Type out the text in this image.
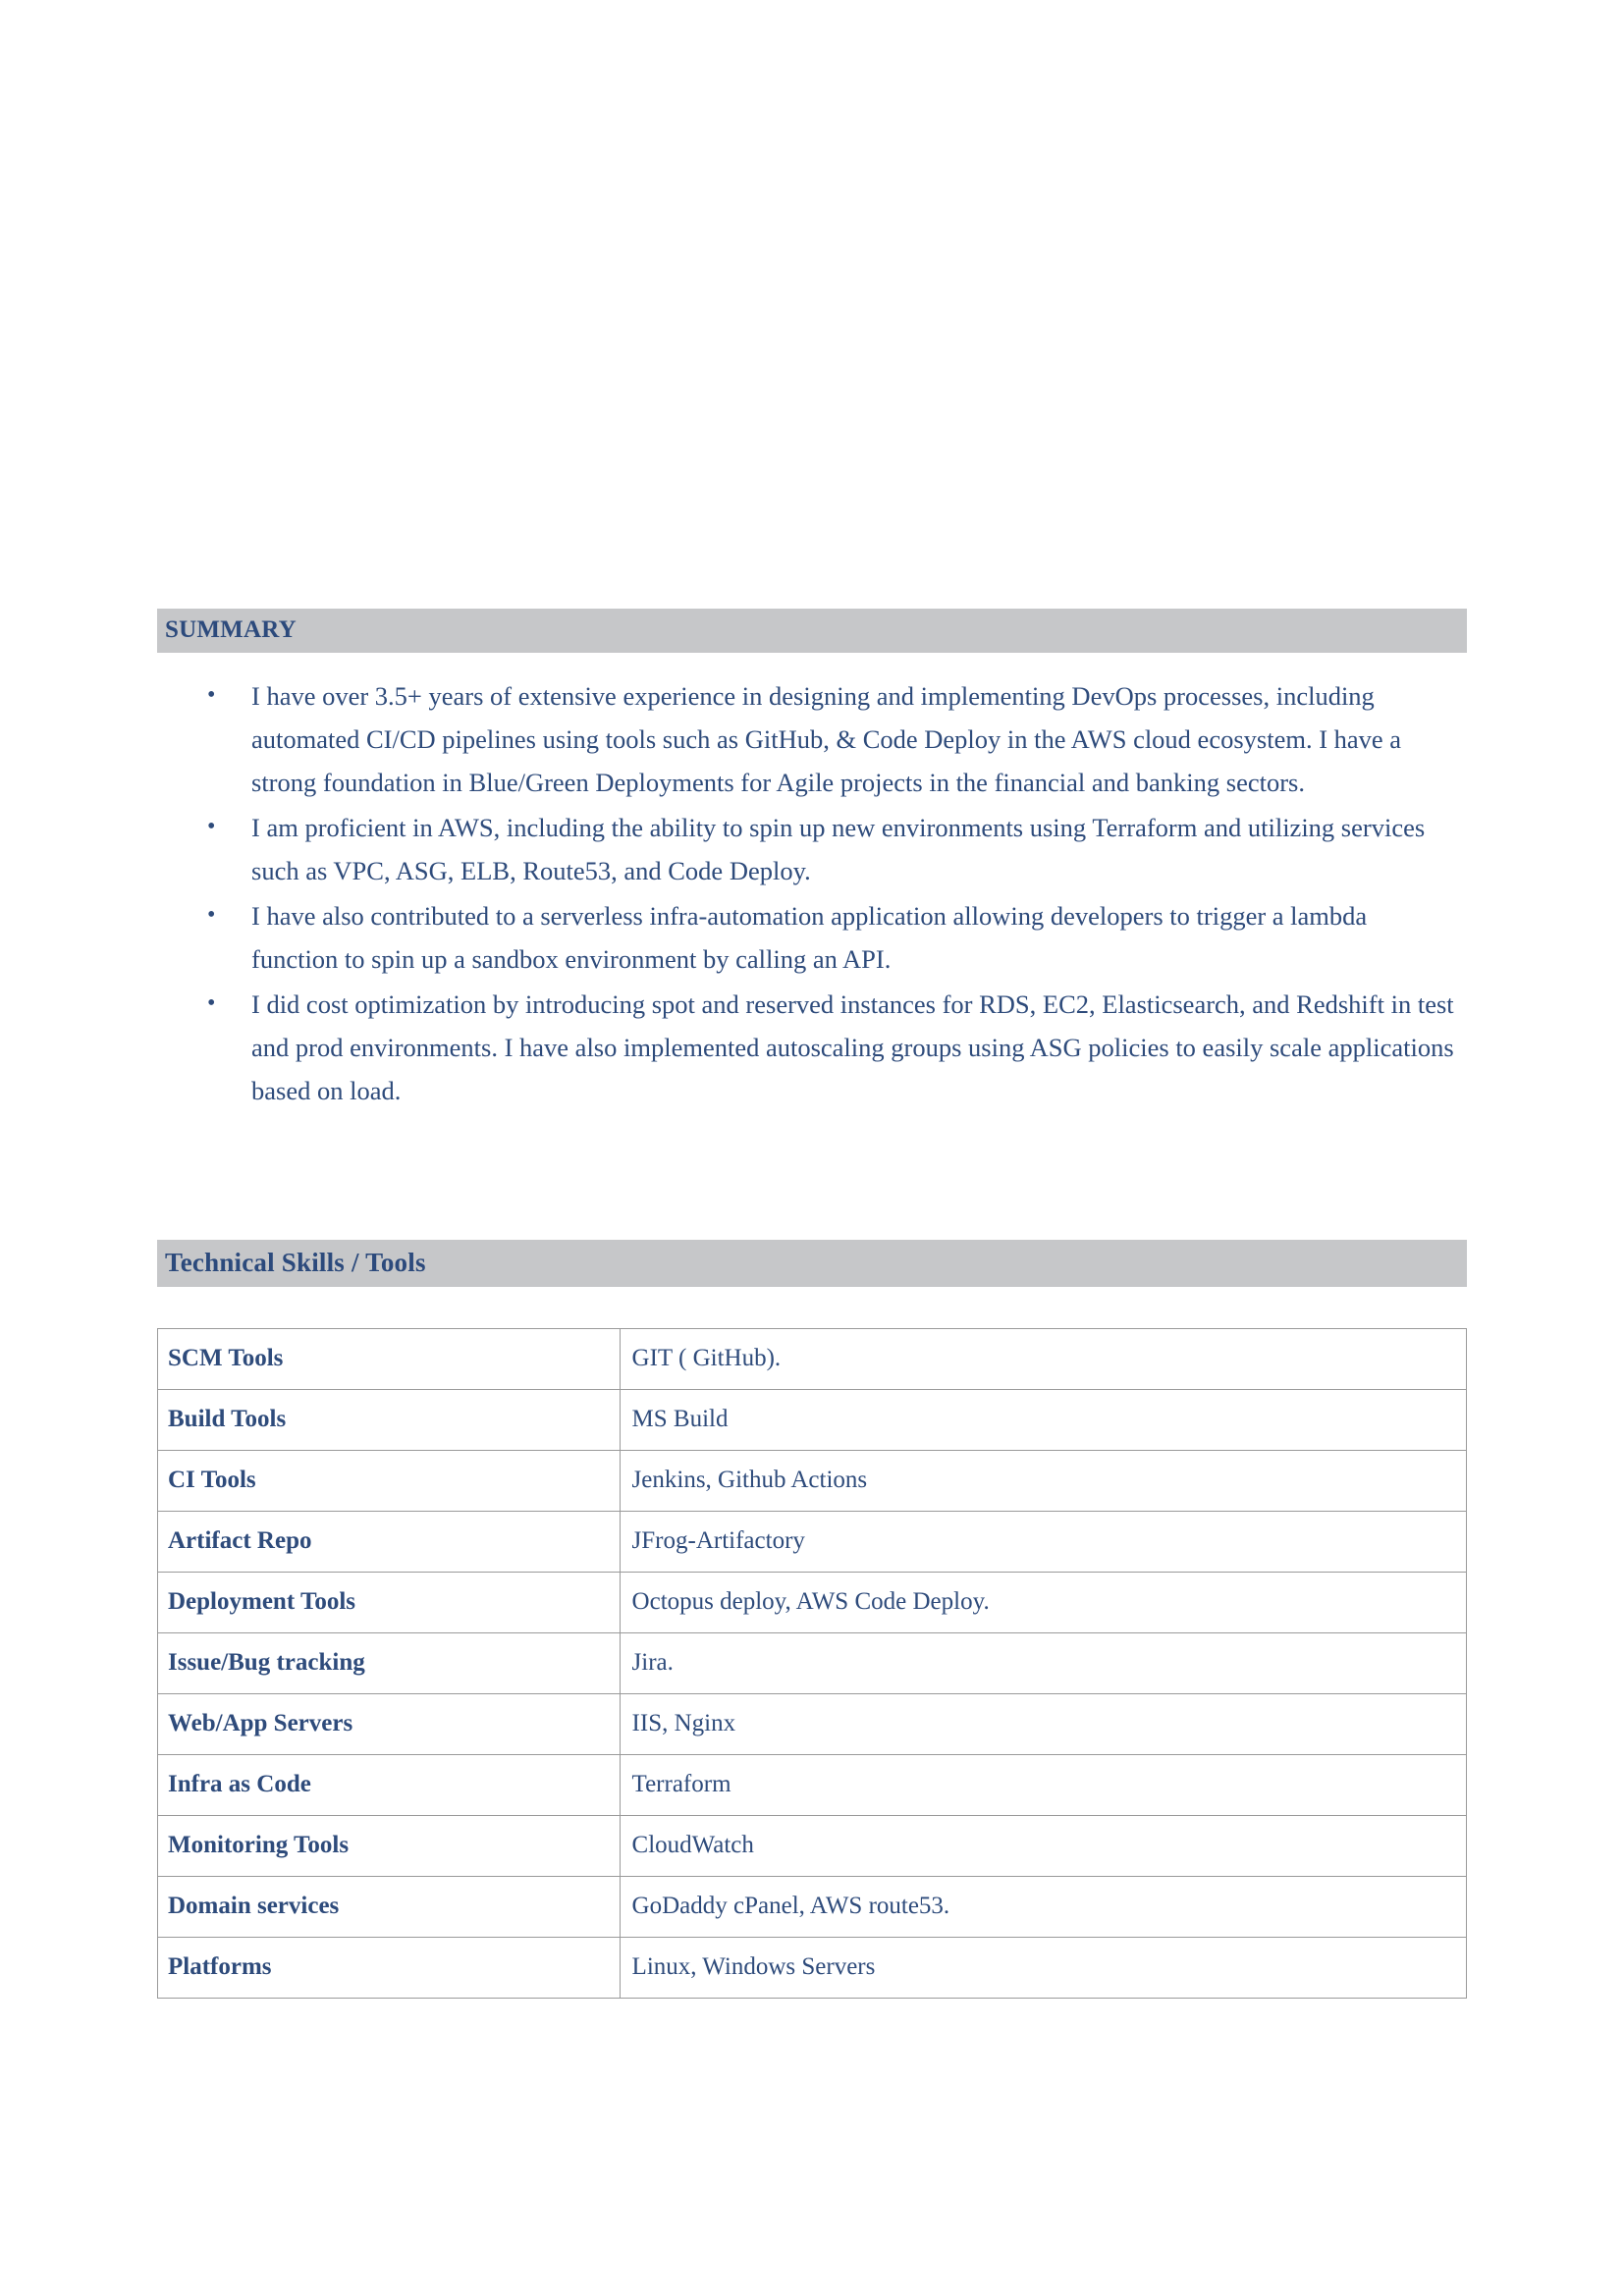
SUMMARY
• I have over 3.5+ years of extensive experience in designing and implementing DevOps processes, including automated CI/CD pipelines using tools such as GitHub, & Code Deploy in the AWS cloud ecosystem. I have a strong foundation in Blue/Green Deployments for Agile projects in the financial and banking sectors.
• I am proficient in AWS, including the ability to spin up new environments using Terraform and utilizing services such as VPC, ASG, ELB, Route53, and Code Deploy.
• I have also contributed to a serverless infra-automation application allowing developers to trigger a lambda function to spin up a sandbox environment by calling an API.
• I did cost optimization by introducing spot and reserved instances for RDS, EC2, Elasticsearch, and Redshift in test and prod environments. I have also implemented autoscaling groups using ASG policies to easily scale applications based on load.
Technical Skills / Tools
SCM Tools	GIT ( GitHub).
Build Tools	MS Build
CI Tools	Jenkins, Github Actions
Artifact Repo	JFrog-Artifactory
Deployment Tools	Octopus deploy, AWS Code Deploy.
Issue/Bug tracking	Jira.
Web/App Servers	IIS, Nginx
Infra as Code	Terraform
Monitoring Tools	CloudWatch
Domain services	GoDaddy cPanel, AWS route53.
Platforms	Linux, Windows Servers
